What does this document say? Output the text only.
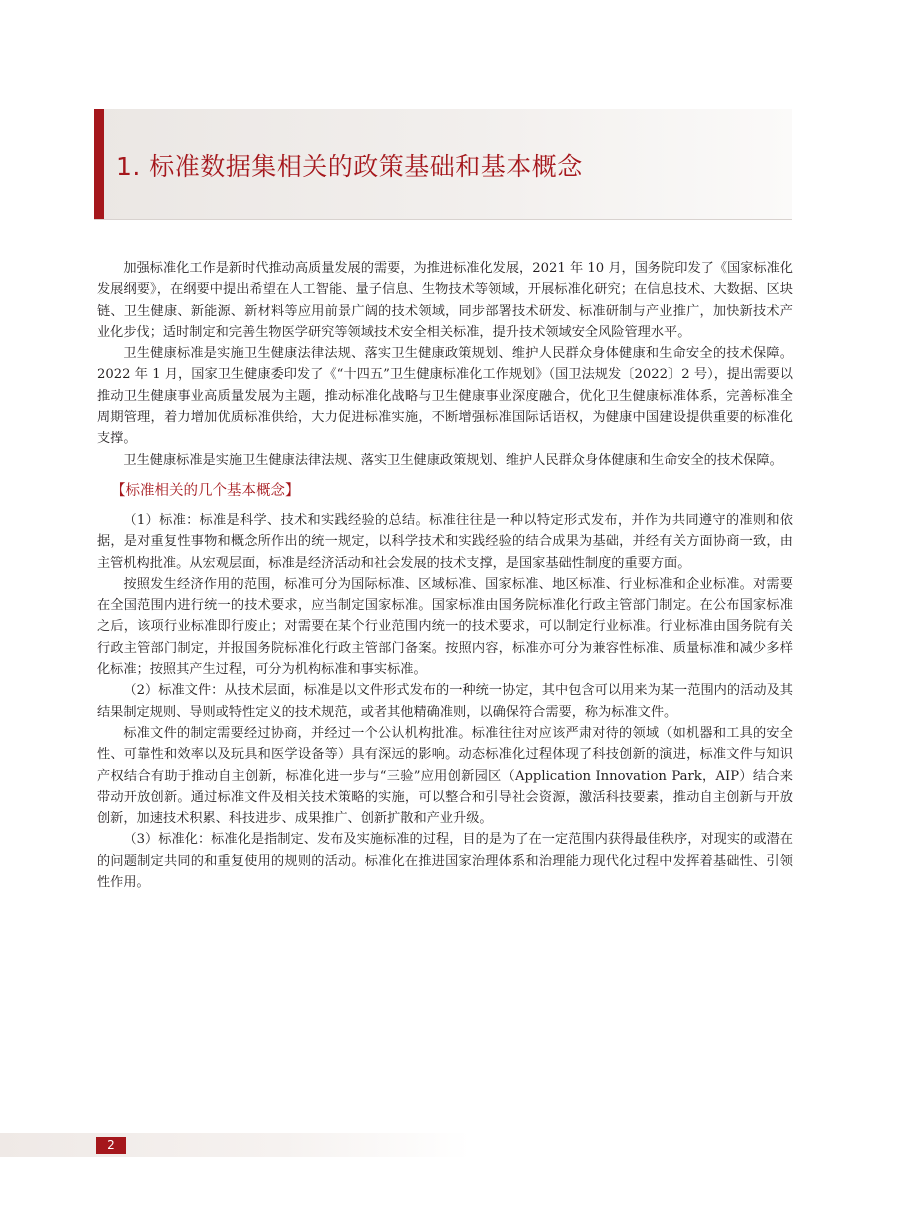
1. 标准数据集相关的政策基础和基本概念

加强标准化工作是新时代推动高质量发展的需要，为推进标准化发展，2021 年 10 月，国务院印发了《国家标准化发展纲要》，在纲要中提出希望在人工智能、量子信息、生物技术等领域，开展标准化研究；在信息技术、大数据、区块链、卫生健康、新能源、新材料等应用前景广阔的技术领域，同步部署技术研发、标准研制与产业推广，加快新技术产业化步伐；适时制定和完善生物医学研究等领域技术安全相关标准，提升技术领域安全风险管理水平。

卫生健康标准是实施卫生健康法律法规、落实卫生健康政策规划、维护人民群众身体健康和生命安全的技术保障。2022 年 1 月，国家卫生健康委印发了《“十四五”卫生健康标准化工作规划》（国卫法规发〔2022〕2 号），提出需要以推动卫生健康事业高质量发展为主题，推动标准化战略与卫生健康事业深度融合，优化卫生健康标准体系，完善标准全周期管理，着力增加优质标准供给，大力促进标准实施，不断增强标准国际话语权，为健康中国建设提供重要的标准化支撑。

卫生健康标准是实施卫生健康法律法规、落实卫生健康政策规划、维护人民群众身体健康和生命安全的技术保障。

【标准相关的几个基本概念】

（1）标准：标准是科学、技术和实践经验的总结。标准往往是一种以特定形式发布，并作为共同遵守的准则和依据，是对重复性事物和概念所作出的统一规定，以科学技术和实践经验的结合成果为基础，并经有关方面协商一致，由主管机构批准。从宏观层面，标准是经济活动和社会发展的技术支撑，是国家基础性制度的重要方面。

按照发生经济作用的范围，标准可分为国际标准、区域标准、国家标准、地区标准、行业标准和企业标准。对需要在全国范围内进行统一的技术要求，应当制定国家标准。国家标准由国务院标准化行政主管部门制定。在公布国家标准之后，该项行业标准即行废止；对需要在某个行业范围内统一的技术要求，可以制定行业标准。行业标准由国务院有关行政主管部门制定，并报国务院标准化行政主管部门备案。按照内容，标准亦可分为兼容性标准、质量标准和减少多样化标准；按照其产生过程，可分为机构标准和事实标准。

（2）标准文件：从技术层面，标准是以文件形式发布的一种统一协定，其中包含可以用来为某一范围内的活动及其结果制定规则、导则或特性定义的技术规范，或者其他精确准则，以确保符合需要，称为标准文件。

标准文件的制定需要经过协商，并经过一个公认机构批准。标准往往对应该严肃对待的领域（如机器和工具的安全性、可靠性和效率以及玩具和医学设备等）具有深远的影响。动态标准化过程体现了科技创新的演进，标准文件与知识产权结合有助于推动自主创新，标准化进一步与“三验”应用创新园区（Application Innovation Park，AIP）结合来带动开放创新。通过标准文件及相关技术策略的实施，可以整合和引导社会资源，激活科技要素，推动自主创新与开放创新，加速技术积累、科技进步、成果推广、创新扩散和产业升级。

（3）标准化：标准化是指制定、发布及实施标准的过程，目的是为了在一定范围内获得最佳秩序，对现实的或潜在的问题制定共同的和重复使用的规则的活动。标准化在推进国家治理体系和治理能力现代化过程中发挥着基础性、引领性作用。

2
